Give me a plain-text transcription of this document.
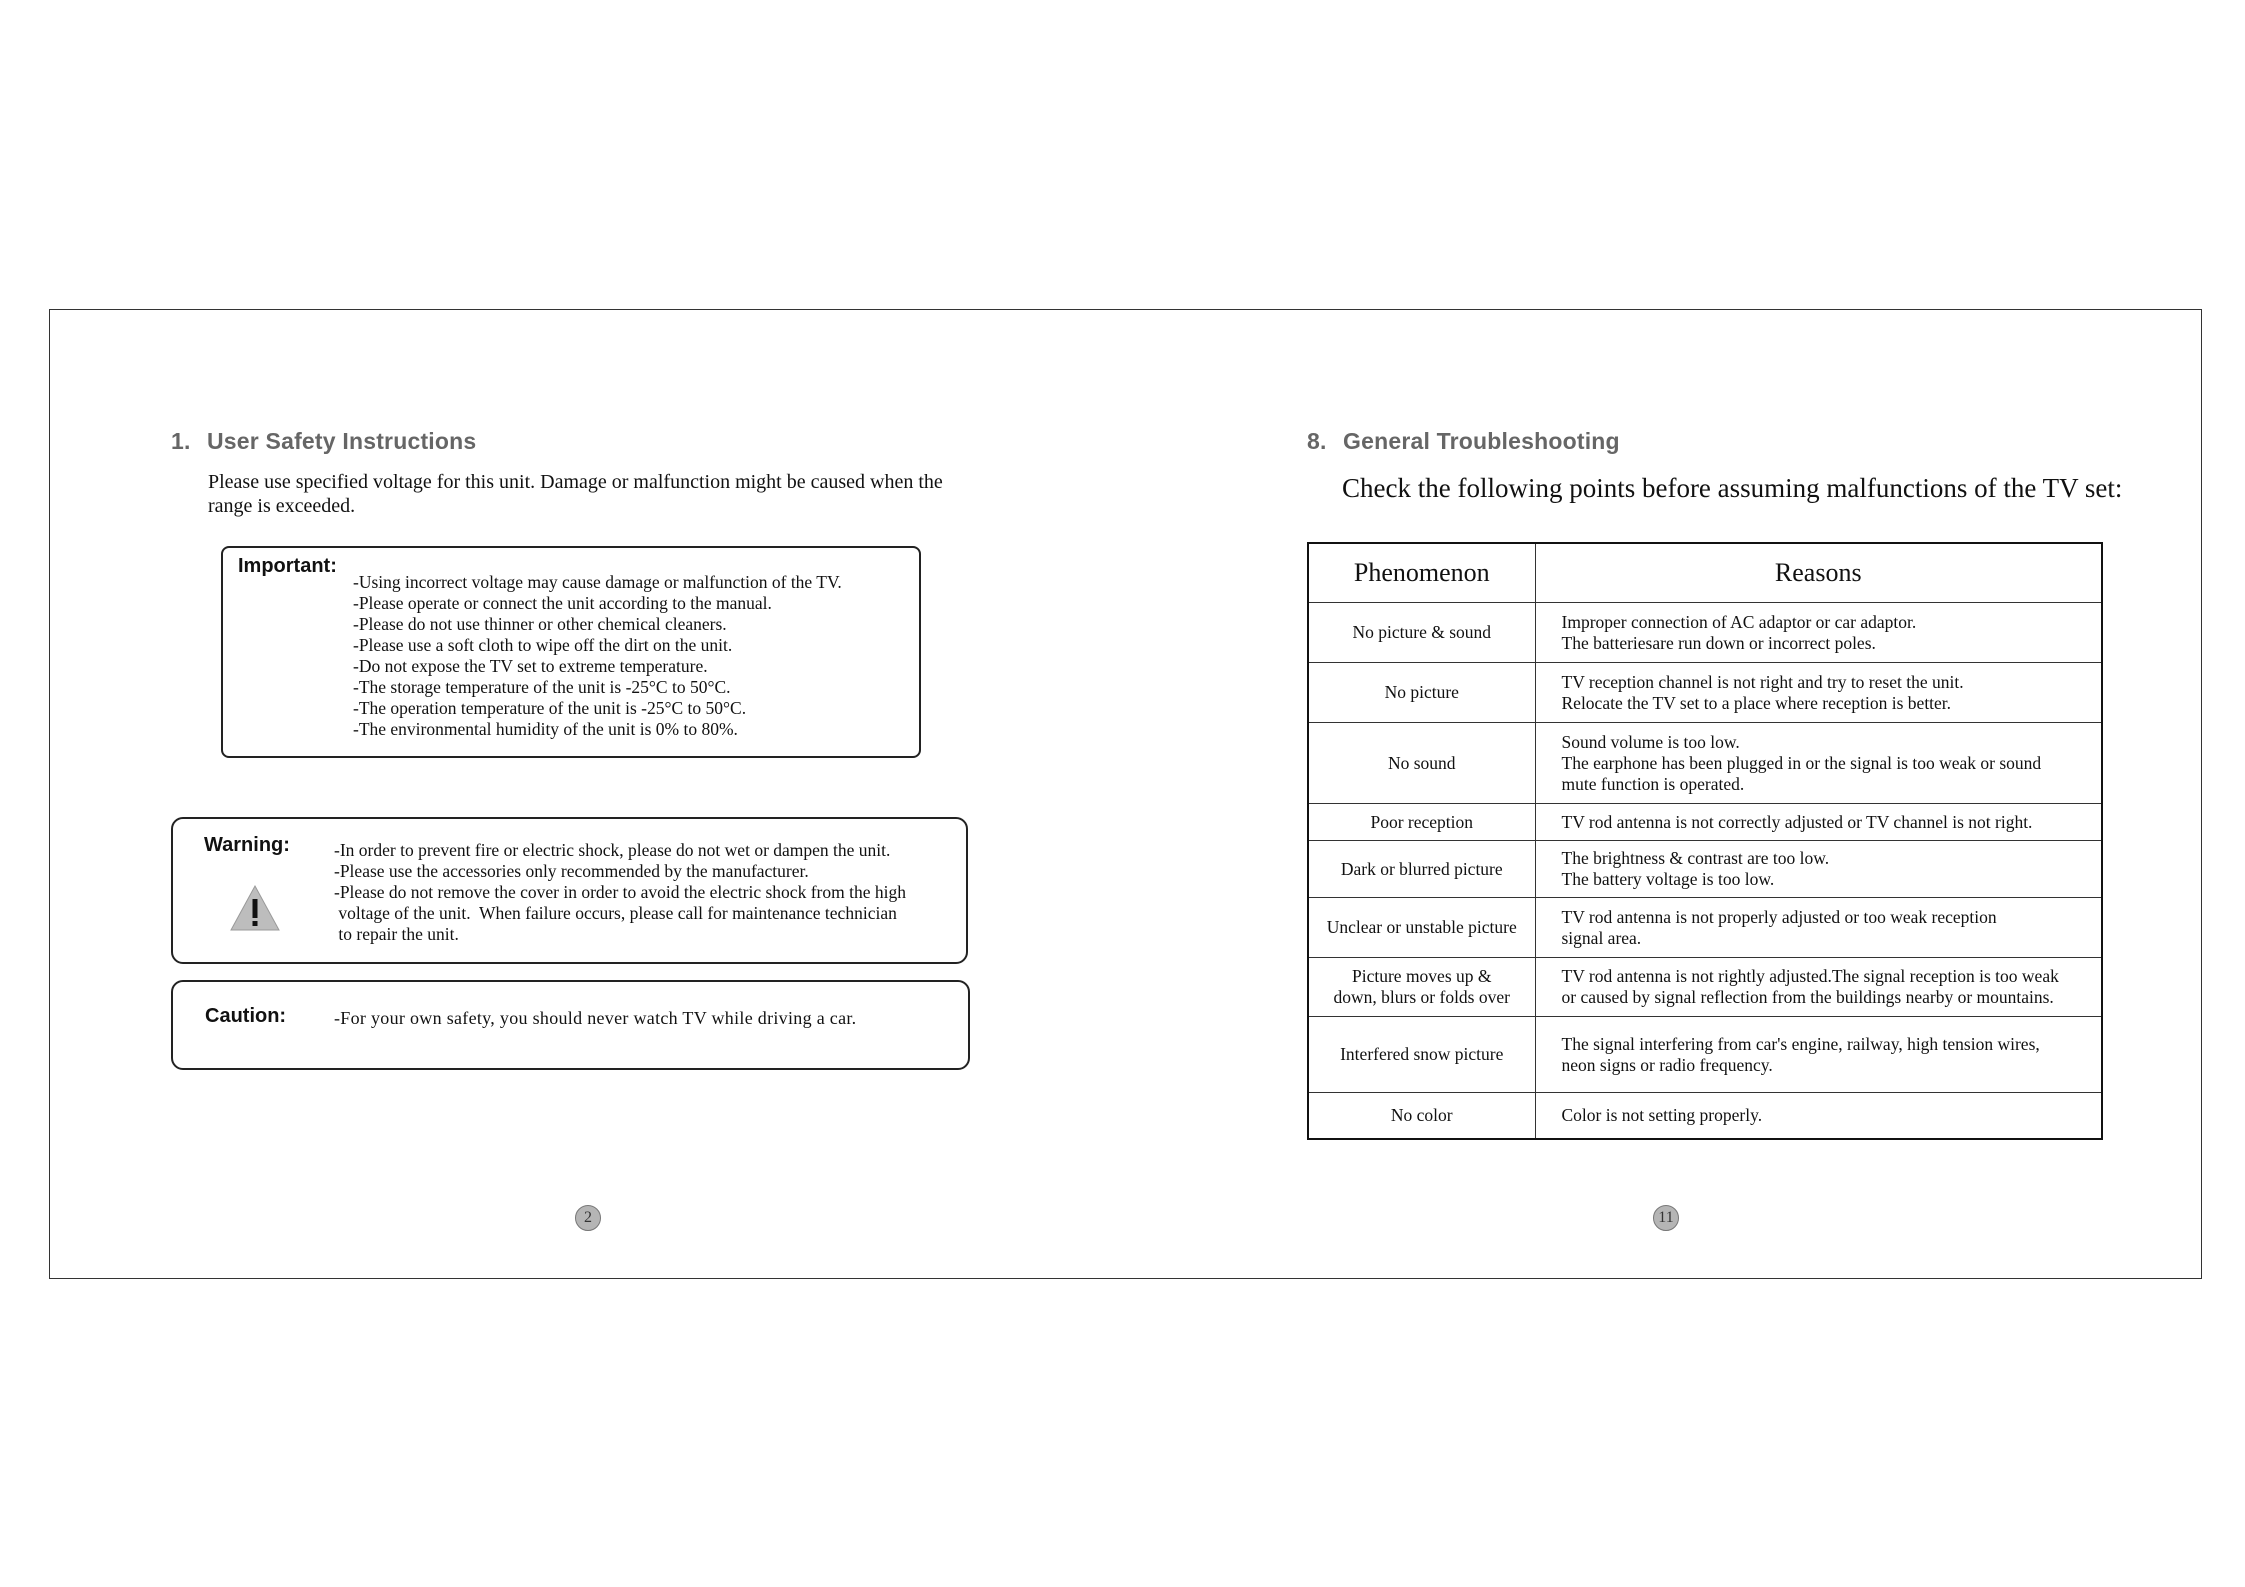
1. User Safety Instructions
Please use specified voltage for this unit. Damage or malfunction might be caused when the range is exceeded.
Important:
-Using incorrect voltage may cause damage or malfunction of the TV.
-Please operate or connect the unit according to the manual.
-Please do not use thinner or other chemical cleaners.
-Please use a soft cloth to wipe off the dirt on the unit.
-Do not expose the TV set to extreme temperature.
-The storage temperature of the unit is -25°C to 50°C.
-The operation temperature of the unit is -25°C to 50°C.
-The environmental humidity of the unit is 0% to 80%.
Warning:	-In order to prevent fire or electric shock, please do not wet or dampen the unit.
-Please use the accessories only recommended by the manufacturer.
-Please do not remove the cover in order to avoid the electric shock from the high
voltage of the unit.  When failure occurs, please call for maintenance technician
to repair the unit.
Caution:	-For your own safety, you should never watch TV while driving a car.
2
8. General Troubleshooting
Check the following points before assuming malfunctions of the TV set:
Phenomenon	Reasons
No picture & sound	Improper connection of AC adaptor or car adaptor.
The batteriesare run down or incorrect poles.

No picture	TV reception channel is not right and try to reset the unit.
Relocate the TV set to a place where reception is better.

No sound	Sound volume is too low.
The earphone has been plugged in or the signal is too weak or sound
mute function is operated.

Poor reception	TV rod antenna is not correctly adjusted or TV channel is not right.

Dark or blurred picture	The brightness & contrast are too low.
The battery voltage is too low.

Unclear or unstable picture	TV rod antenna is not properly adjusted or too weak reception
signal area.

Picture moves up &
down, blurs or folds over	TV rod antenna is not rightly adjusted.The signal reception is too weak
or caused by signal reflection from the buildings nearby or mountains.

Interfered snow picture	The signal interfering from car's engine, railway, high tension wires,
neon signs or radio frequency.

No color	Color is not setting properly.
11
